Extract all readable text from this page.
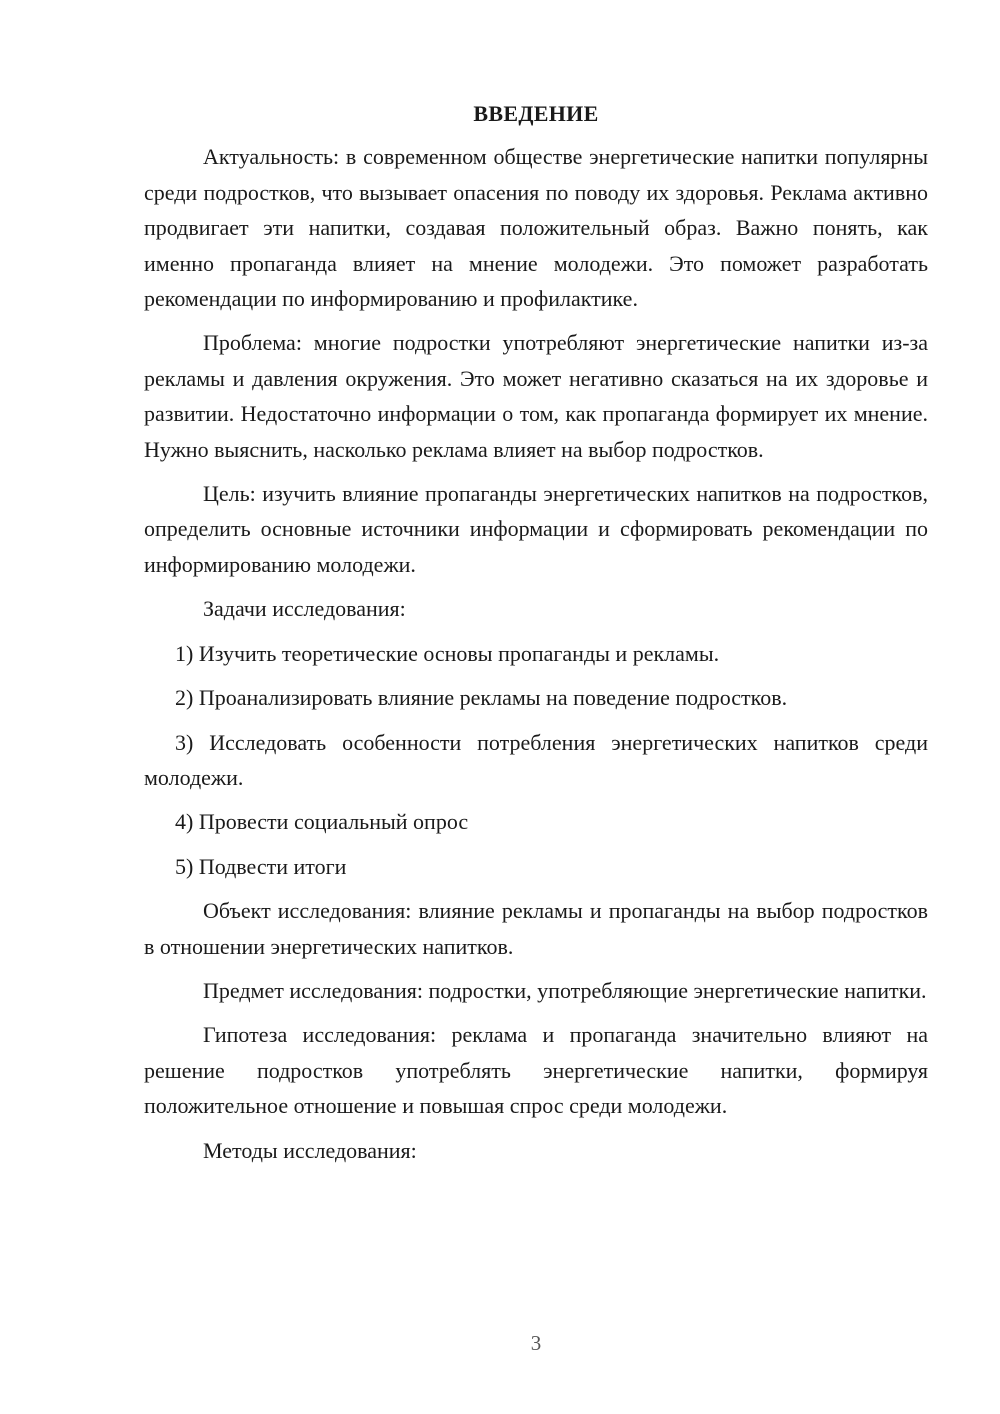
ВВЕДЕНИЕ

Актуальность: в современном обществе энергетические напитки популярны среди подростков, что вызывает опасения по поводу их здоровья. Реклама активно продвигает эти напитки, создавая положительный образ. Важно понять, как именно пропаганда влияет на мнение молодежи. Это поможет разработать рекомендации по информированию и профилактике.

Проблема: многие подростки употребляют энергетические напитки из-за рекламы и давления окружения. Это может негативно сказаться на их здоровье и развитии. Недостаточно информации о том, как пропаганда формирует их мнение. Нужно выяснить, насколько реклама влияет на выбор подростков.

Цель: изучить влияние пропаганды энергетических напитков на подростков, определить основные источники информации и сформировать рекомендации по информированию молодежи.

Задачи исследования:

1) Изучить теоретические основы пропаганды и рекламы.

2) Проанализировать влияние рекламы на поведение подростков.

3) Исследовать особенности потребления энергетических напитков среди молодежи.

4) Провести социальный опрос

5) Подвести итоги

Объект исследования: влияние рекламы и пропаганды на выбор подростков в отношении энергетических напитков.

Предмет исследования: подростки, употребляющие энергетические напитки.

Гипотеза исследования: реклама и пропаганда значительно влияют на решение подростков употреблять энергетические напитки, формируя положительное отношение и повышая спрос среди молодежи.

Методы исследования:

3
